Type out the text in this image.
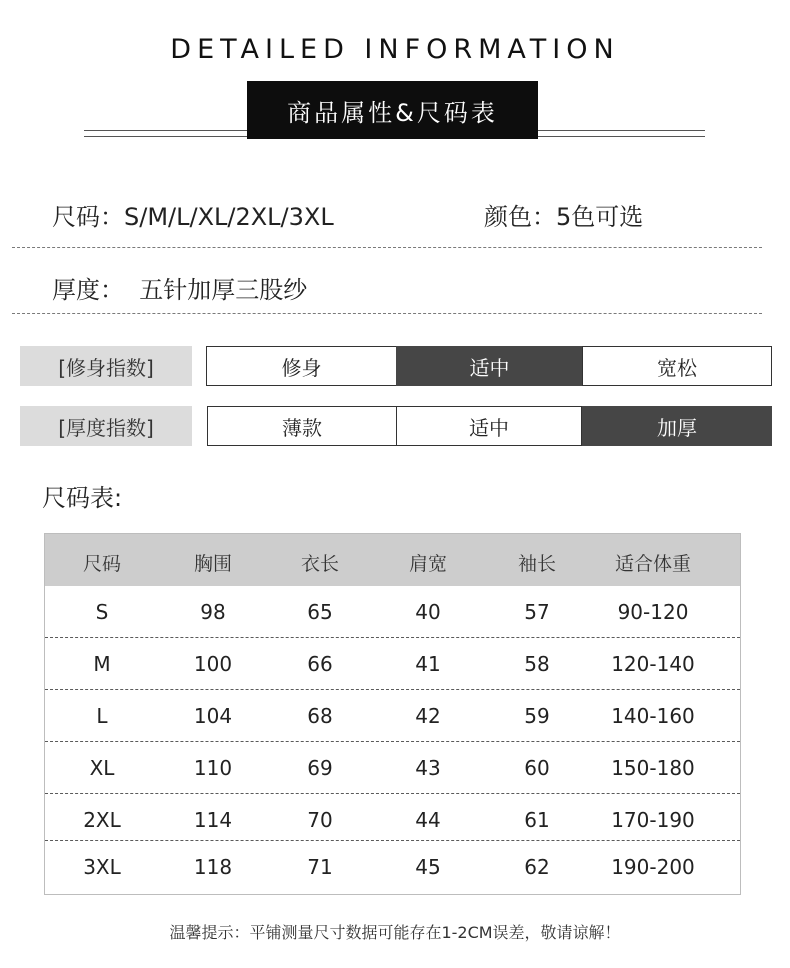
DETAILED INFORMATION
商品属性&尺码表
尺码：S/M/L/XL/2XL/3XL	颜色：5色可选
厚度：  五针加厚三股纱
[修身指数]	修身	适中	宽松
[厚度指数]	薄款	适中	加厚
尺码表:
尺码	胸围	衣长	肩宽	袖长	适合体重
S	98	65	40	57	90-120
M	100	66	41	58	120-140
L	104	68	42	59	140-160
XL	110	69	43	60	150-180
2XL	114	70	44	61	170-190
3XL	118	71	45	62	190-200
温馨提示：平铺测量尺寸数据可能存在1-2CM误差，敬请谅解！
